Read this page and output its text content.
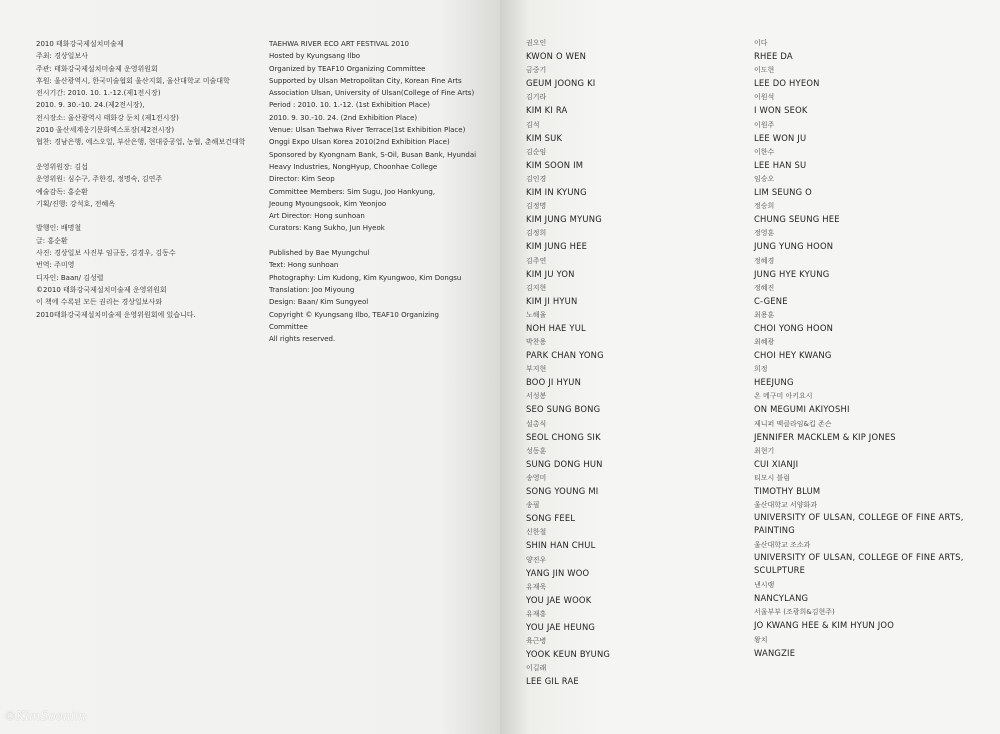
2010 태화강국제설치미술제
주최: 경상일보사
주관: 태화강국제설치미술제 운영위원회
후원: 울산광역시, 한국미술협회 울산지회, 울산대학교 미술대학
전시기간: 2010. 10. 1.-12.(제1전시장)
2010. 9. 30.-10. 24.(제2전시장),
전시장소: 울산광역시 태화강 둔치 (제1전시장)
2010 울산세계옹기문화엑스포장(제2전시장)
협찬: 경남은행, 에스오일, 부산은행, 현대중공업, 농협, 춘해보건대학
운영위원장: 김섭
운영위원: 심수구, 주한경, 정명숙, 김연주
예술감독: 홍순환
기획/진행: 강석호, 전혜옥
발행인: 배명철
글: 홍순환
사진: 경상일보 사진부 임규동, 김경우, 김동수
번역: 주미영
디자인: Baan/ 김성렬
©2010 태화강국제설치미술제 운영위원회
이 책에 수록된 모든 권리는 경상일보사와
2010태화강국제설치미술제 운영위원회에 있습니다.
TAEHWA RIVER ECO ART FESTIVAL 2010
Hosted by Kyungsang Ilbo
Organized by TEAF10 Organizing Committee
Supported by Ulsan Metropolitan City, Korean Fine Arts
Association Ulsan, University of Ulsan(College of Fine Arts)
Period : 2010. 10. 1.-12. (1st Exhibition Place)
2010. 9. 30.-10. 24. (2nd Exhibition Place)
Venue: Ulsan Taehwa River Terrace(1st Exhibition Place)
Onggi Expo Ulsan Korea 2010(2nd Exhibition Place)
Sponsored by Kyongnam Bank, S-Oil, Busan Bank, Hyundai
Heavy Industries, NongHyup, Choonhae College
Director: Kim Seop
Committee Members: Sim Sugu, Joo Hankyung,
Jeoung Myoungsook, Kim Yeonjoo
Art Director: Hong sunhoan
Curators: Kang Sukho, Jun Hyeok
Published by Bae Myungchul
Text: Hong sunhoan
Photography: Lim Kudong, Kim Kyungwoo, Kim Dongsu
Translation: Joo Miyoung
Design: Baan/ Kim Sungyeol
Copyright © Kyungsang Ilbo, TEAF10 Organizing
Committee
All rights reserved.
권오인
KWON O WEN
금중기
GEUM JOONG KI
김기라
KIM KI RA
김석
KIM SUK
김순임
KIM SOON IM
김인경
KIM IN KYUNG
김정명
KIM JUNG MYUNG
김정희
KIM JUNG HEE
김주연
KIM JU YON
김지현
KIM JI HYUN
노해율
NOH HAE YUL
박찬용
PARK CHAN YONG
부지현
BOO JI HYUN
서성봉
SEO SUNG BONG
설총식
SEOL CHONG SIK
성동훈
SUNG DONG HUN
송영미
SONG YOUNG MI
송필
SONG FEEL
신한철
SHIN HAN CHUL
양진우
YANG JIN WOO
유재욱
YOU JAE WOOK
유재흥
YOU JAE HEUNG
육근병
YOOK KEUN BYUNG
이길래
LEE GIL RAE
이다
RHEE DA
이도현
LEE DO HYEON
이원석
I WON SEOK
이원주
LEE WON JU
이한수
LEE HAN SU
임승오
LIM SEUNG O
정승희
CHUNG SEUNG HEE
정영훈
JUNG YUNG HOON
정혜경
JUNG HYE KYUNG
정혜진
C-GENE
최용훈
CHOI YONG HOON
최혜광
CHOI HEY KWANG
희정
HEEJUNG
온 메구미 아키요시
ON MEGUMI AKIYOSHI
제니퍼 맥클라임&킵 존슨
JENNIFER MACKLEM & KIP JONES
최현기
CUI XIANJI
티모시 블럼
TIMOTHY BLUM
울산대학교 서양화과
UNIVERSITY OF ULSAN, COLLEGE OF FINE ARTS, PAINTING
울산대학교 조소과
UNIVERSITY OF ULSAN, COLLEGE OF FINE ARTS, SCULPTURE
낸시랭
NANCYLANG
서울부부 (조광희&김현주)
JO KWANG HEE & KIM HYUN JOO
왕치
WANGZIE
©KimSoonim
